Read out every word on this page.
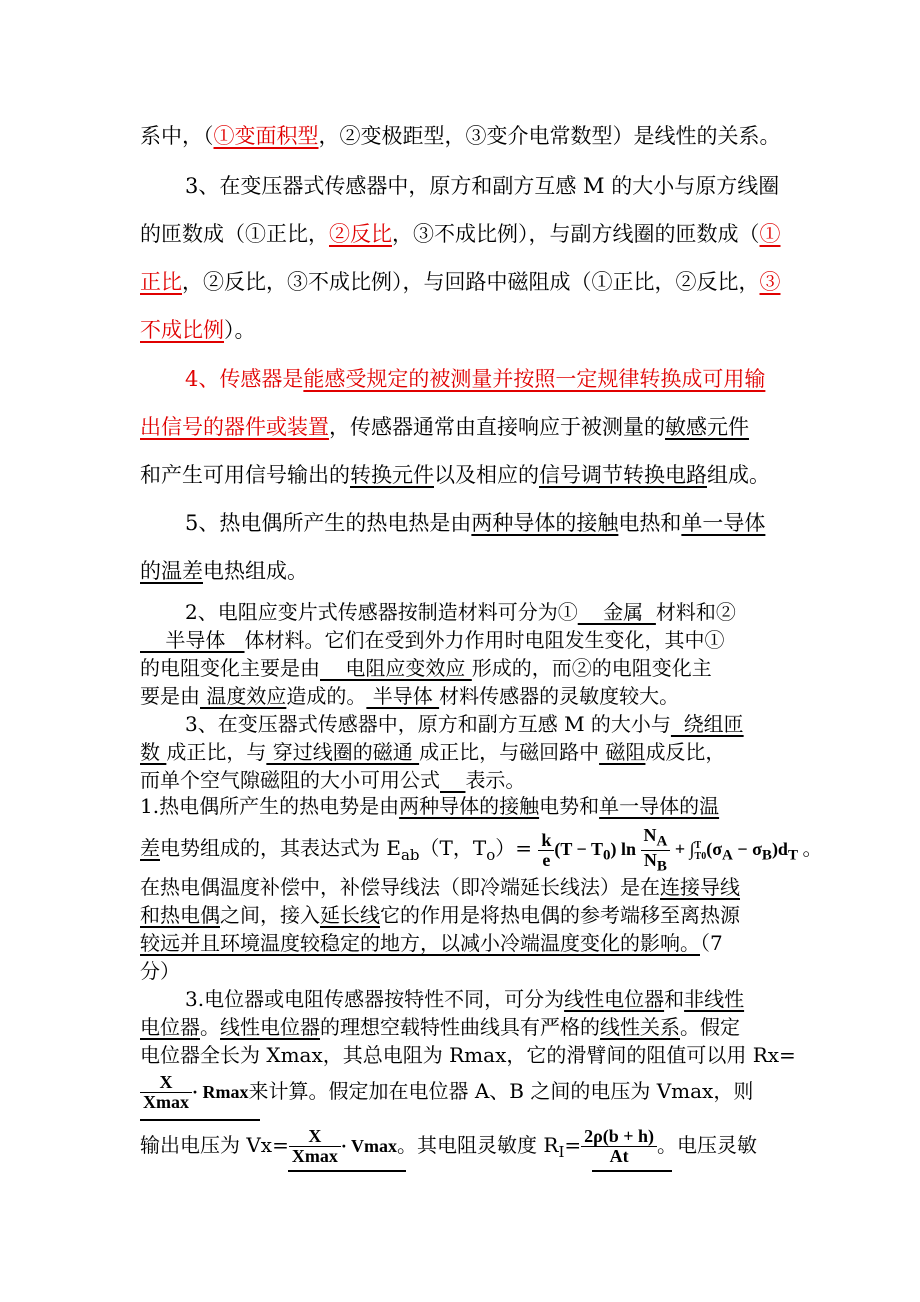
系中，（①变面积型，②变极距型，③变介电常数型）是线性的关系。
3、在变压器式传感器中，原方和副方互感 M 的大小与原方线圈
的匝数成（①正比，②反比，③不成比例），与副方线圈的匝数成（①
正比，②反比，③不成比例），与回路中磁阻成（①正比，②反比，③
不成比例）。
4、传感器是能感受规定的被测量并按照一定规律转换成可用输
出信号的器件或装置，传感器通常由直接响应于被测量的敏感元件
和产生可用信号输出的转换元件以及相应的信号调节转换电路组成。
5、热电偶所产生的热电热是由两种导体的接触电热和单一导体
的温差电热组成。
2、电阻应变片式传感器按制造材料可分为①    金属  材料和②
半导体   体材料。它们在受到外力作用时电阻发生变化，其中①
的电阻变化主要是由    电阻应变效应 形成的，而②的电阻变化主
要是由 温度效应造成的。 半导体 材料传感器的灵敏度较大。
3、在变压器式传感器中，原方和副方互感 M 的大小与  绕组匝
数 成正比，与 穿过线圈的磁通 成正比，与磁回路中 磁阻成反比，
而单个空气隙磁阻的大小可用公式 表示。
1.热电偶所产生的热电势是由两种导体的接触电势和单一导体的温
差电势组成的，其表达式为 $E_{ab}(T$，$T_o)= \frac{k}{e} (T - T_0)$ $\ln \frac{N_A}{N_B}$ + ∫ T
T0 $(\sigma_A - \sigma_B)d_T$ 。
在热电偶温度补偿中，补偿导线法（即冷端延长线法）是在连接导线
和热电偶之间，接入延长线它的作用是将热电偶的参考端移至离热源
较远并且环境温度较稳定的地方，以减小冷端温度变化的影响。（7
分）
3.电位器或电阻传感器按特性不同，可分为线性电位器和非线性
电位器。线性电位器的理想空载特性曲线具有严格的线性关系。假定
电位器全长为 Xmax，其总电阻为 Rmax，它的滑臂间的阻值可以用 Rx=
$\frac{X}{Xmax} \cdot Rmax$来计算。假定加在电位器 A、B 之间的电压为 Vmax，则
输出电压为 $Vx= \frac{X}{Xmax} \cdot Vmax$。其电阻灵敏度 $R_I= \frac{2\rho(b + h)}{At}$ 。电压灵敏
